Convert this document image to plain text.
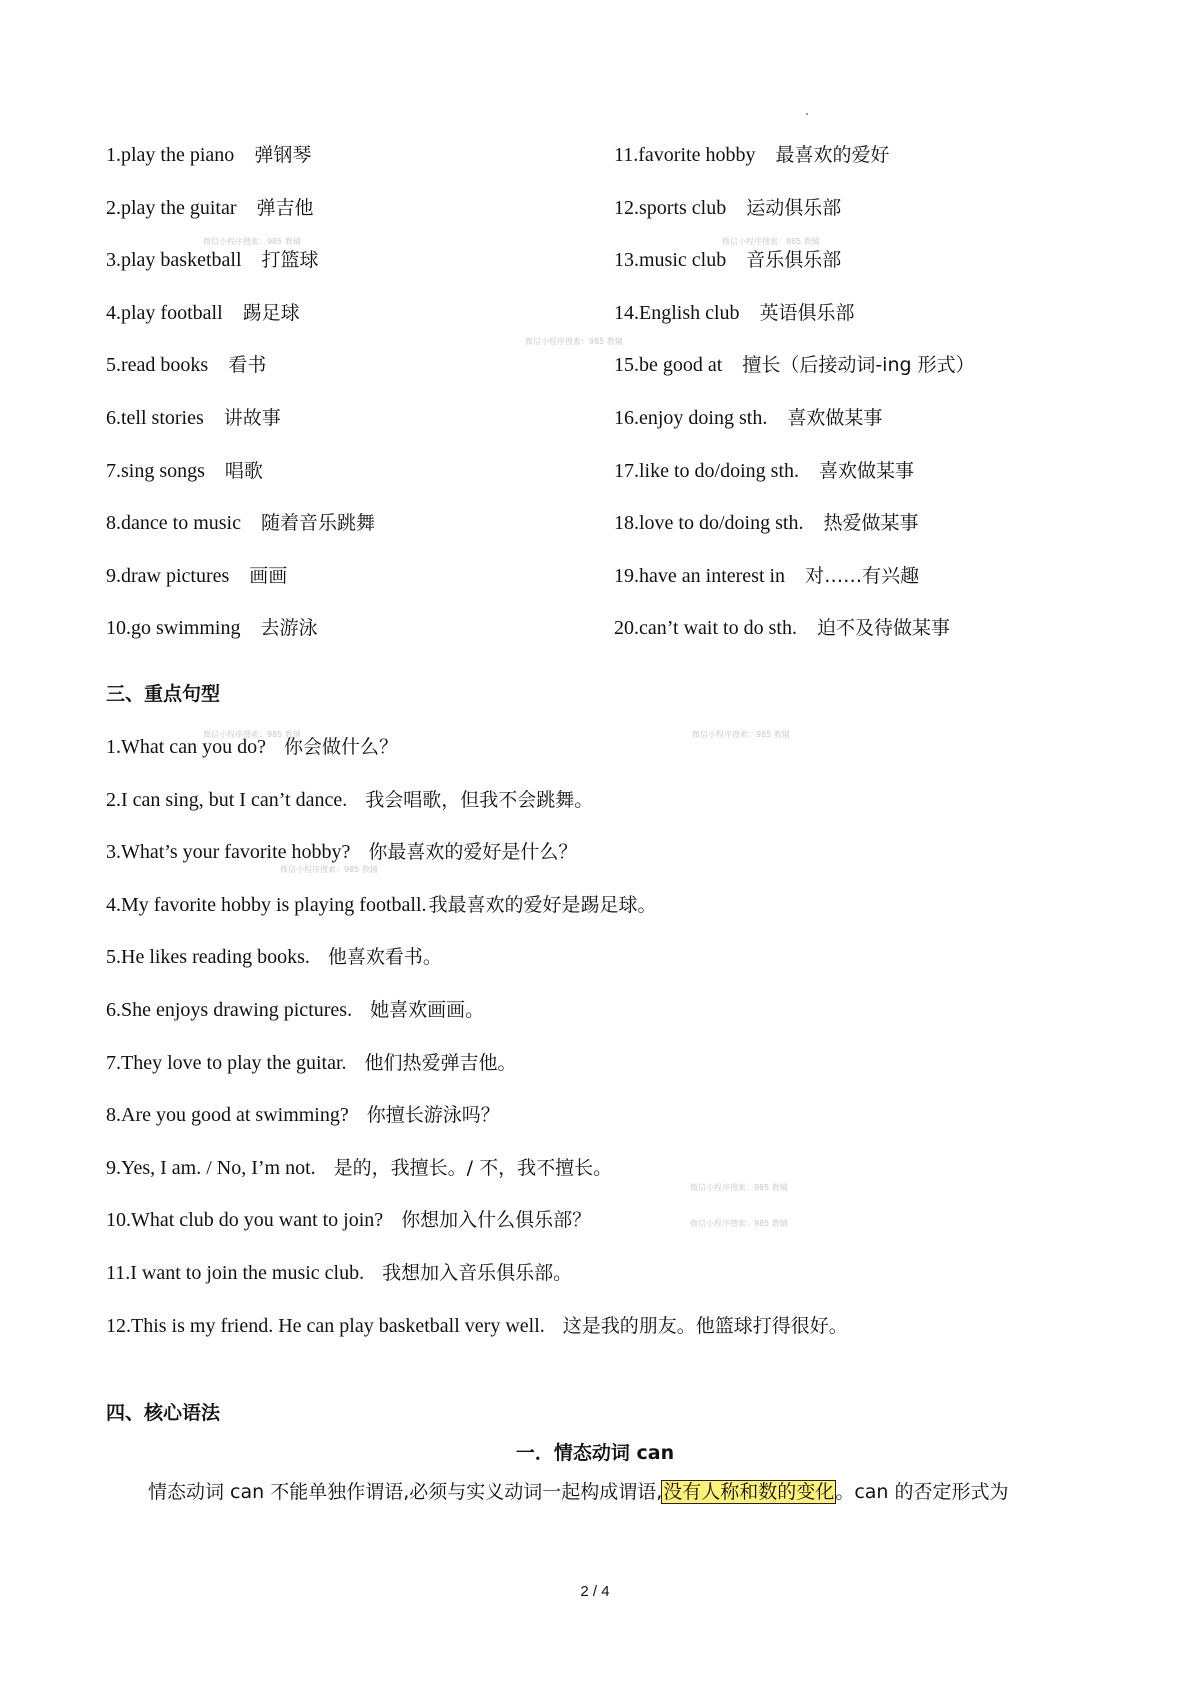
1.play the piano 弹钢琴
2.play the guitar 弹吉他
3.play basketball 打篮球
4.play football 踢足球
5.read books 看书
6.tell stories 讲故事
7.sing songs 唱歌
8.dance to music 随着音乐跳舞
9.draw pictures 画画
10.go swimming 去游泳
11.favorite hobby 最喜欢的爱好
12.sports club 运动俱乐部
13.music club 音乐俱乐部
14.English club 英语俱乐部
15.be good at 擅长（后接动词-ing 形式）
16.enjoy doing sth. 喜欢做某事
17.like to do/doing sth. 喜欢做某事
18.love to do/doing sth. 热爱做某事
19.have an interest in 对……有兴趣
20.can’t wait to do sth. 迫不及待做某事
三、重点句型
1.What can you do? 你会做什么？
2.I can sing, but I can’t dance. 我会唱歌，但我不会跳舞。
3.What’s your favorite hobby? 你最喜欢的爱好是什么？
4.My favorite hobby is playing football. 我最喜欢的爱好是踢足球。
5.He likes reading books. 他喜欢看书。
6.She enjoys drawing pictures. 她喜欢画画。
7.They love to play the guitar. 他们热爱弹吉他。
8.Are you good at swimming? 你擅长游泳吗？
9.Yes, I am. / No, I’m not. 是的，我擅长。/ 不，我不擅长。
10.What club do you want to join? 你想加入什么俱乐部？
11.I want to join the music club. 我想加入音乐俱乐部。
12.This is my friend. He can play basketball very well. 这是我的朋友。他篮球打得很好。
四、核心语法
一．情态动词 can
情态动词 can 不能单独作谓语,必须与实义动词一起构成谓语,没有人称和数的变化。can 的否定形式为
微信小程序搜索：985 教辅	微信小程序搜索：985 教辅
微信小程序搜索：985 教辅
微信小程序搜索：985 教辅	微信小程序搜索：985 教辅
微信小程序搜索：985 教辅
微信小程序搜索：985 教辅
微信小程序搜索：985 教辅
2 / 4
